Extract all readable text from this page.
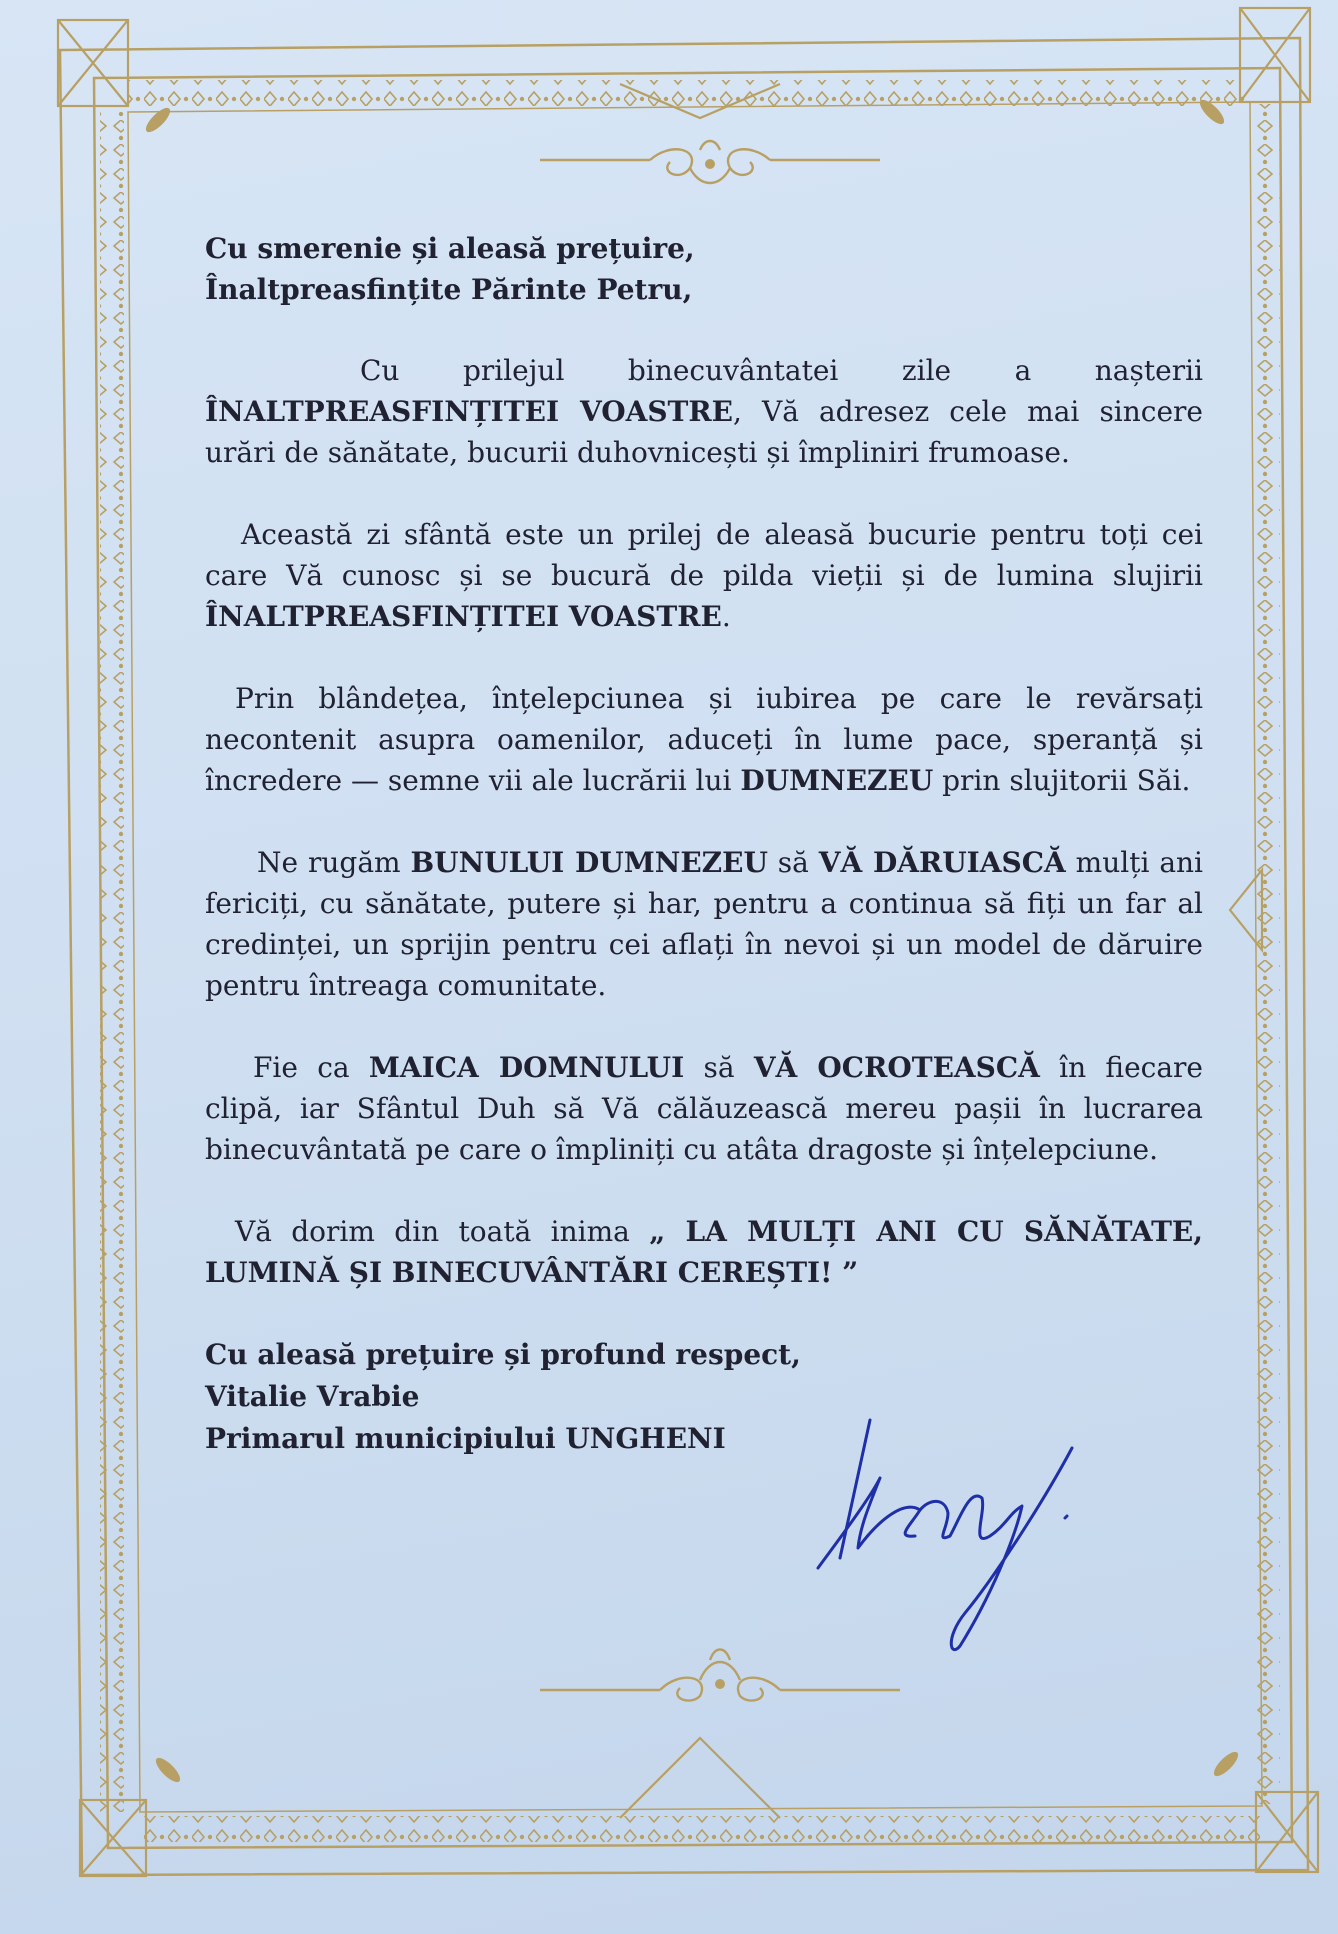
Cu smerenie și aleasă prețuire,

Înaltpreasfințite Părinte Petru,

Cu prilejul binecuvântatei zile a nașterii ÎNALTPREASFINȚITEI VOASTRE, Vă adresez cele mai sincere urări de sănătate, bucurii duhovnicești și împliniri frumoase.

Această zi sfântă este un prilej de aleasă bucurie pentru toți cei care Vă cunosc și se bucură de pilda vieții și de lumina slujirii ÎNALTPREASFINȚITEI VOASTRE.

Prin blândețea, înțelepciunea și iubirea pe care le revărsați necontenit asupra oamenilor, aduceți în lume pace, speranță și încredere — semne vii ale lucrării lui DUMNEZEU prin slujitorii Săi.

Ne rugăm BUNULUI DUMNEZEU să VĂ DĂRUIASCĂ mulți ani fericiți, cu sănătate, putere și har, pentru a continua să fiți un far al credinței, un sprijin pentru cei aflați în nevoi și un model de dăruire pentru întreaga comunitate.

Fie ca MAICA DOMNULUI să VĂ OCROTEASCĂ în fiecare clipă, iar Sfântul Duh să Vă călăuzească mereu pașii în lucrarea binecuvântată pe care o împliniți cu atâta dragoste și înțelepciune.

Vă dorim din toată inima „ LA MULȚI ANI CU SĂNĂTATE, LUMINĂ ȘI BINECUVÂNTĂRI CEREȘTI! ”

Cu aleasă prețuire și profund respect,

Vitalie Vrabie

Primarul municipiului UNGHENI
